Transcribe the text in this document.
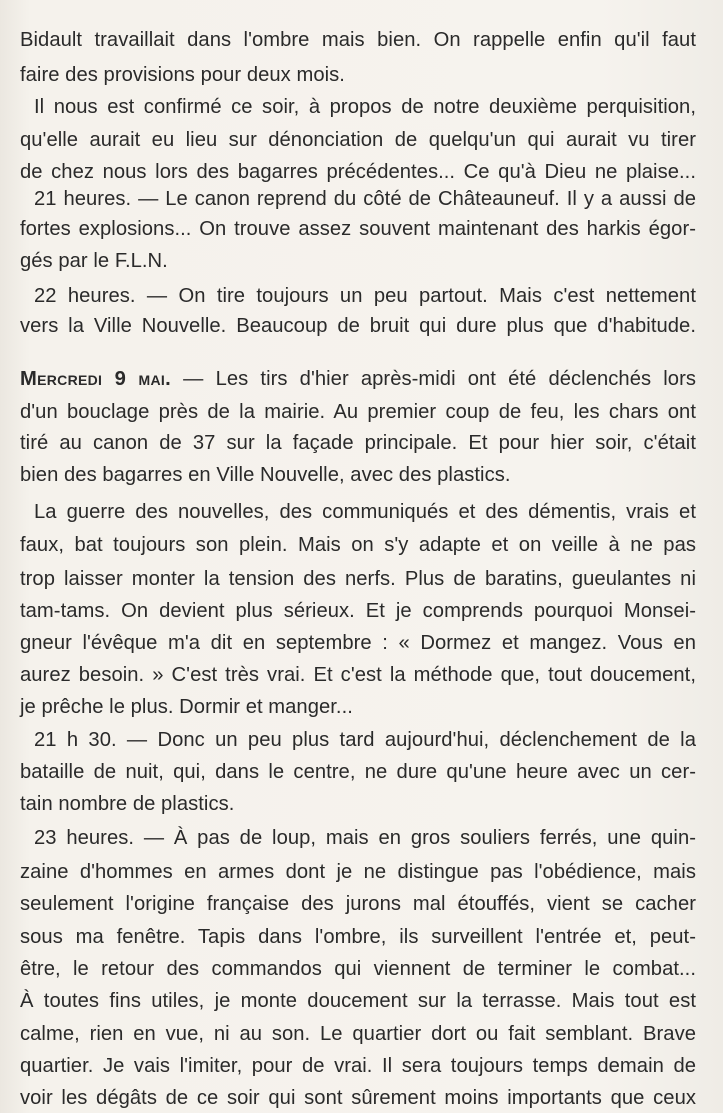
Bidault travaillait dans l'ombre mais bien. On rappelle enfin qu'il faut
faire des provisions pour deux mois.
Il nous est confirmé ce soir, à propos de notre deuxième perquisition,
qu'elle aurait eu lieu sur dénonciation de quelqu'un qui aurait vu tirer
de chez nous lors des bagarres précédentes... Ce qu'à Dieu ne plaise...
21 heures. — Le canon reprend du côté de Châteauneuf. Il y a aussi de
fortes explosions... On trouve assez souvent maintenant des harkis égor-
gés par le F.L.N.
22 heures. — On tire toujours un peu partout. Mais c'est nettement
vers la Ville Nouvelle. Beaucoup de bruit qui dure plus que d'habitude.
Mercredi 9 mai. — Les tirs d'hier après-midi ont été déclenchés lors
d'un bouclage près de la mairie. Au premier coup de feu, les chars ont
tiré au canon de 37 sur la façade principale. Et pour hier soir, c'était
bien des bagarres en Ville Nouvelle, avec des plastics.
La guerre des nouvelles, des communiqués et des démentis, vrais et
faux, bat toujours son plein. Mais on s'y adapte et on veille à ne pas
trop laisser monter la tension des nerfs. Plus de baratins, gueulantes ni
tam-tams. On devient plus sérieux. Et je comprends pourquoi Monsei-
gneur l'évêque m'a dit en septembre : « Dormez et mangez. Vous en
aurez besoin. » C'est très vrai. Et c'est la méthode que, tout doucement,
je prêche le plus. Dormir et manger...
21 h 30. — Donc un peu plus tard aujourd'hui, déclenchement de la
bataille de nuit, qui, dans le centre, ne dure qu'une heure avec un cer-
tain nombre de plastics.
23 heures. — À pas de loup, mais en gros souliers ferrés, une quin-
zaine d'hommes en armes dont je ne distingue pas l'obédience, mais
seulement l'origine française des jurons mal étouffés, vient se cacher
sous ma fenêtre. Tapis dans l'ombre, ils surveillent l'entrée et, peut-
être, le retour des commandos qui viennent de terminer le combat...
À toutes fins utiles, je monte doucement sur la terrasse. Mais tout est
calme, rien en vue, ni au son. Le quartier dort ou fait semblant. Brave
quartier. Je vais l'imiter, pour de vrai. Il sera toujours temps demain de
voir les dégâts de ce soir qui sont sûrement moins importants que ceux
